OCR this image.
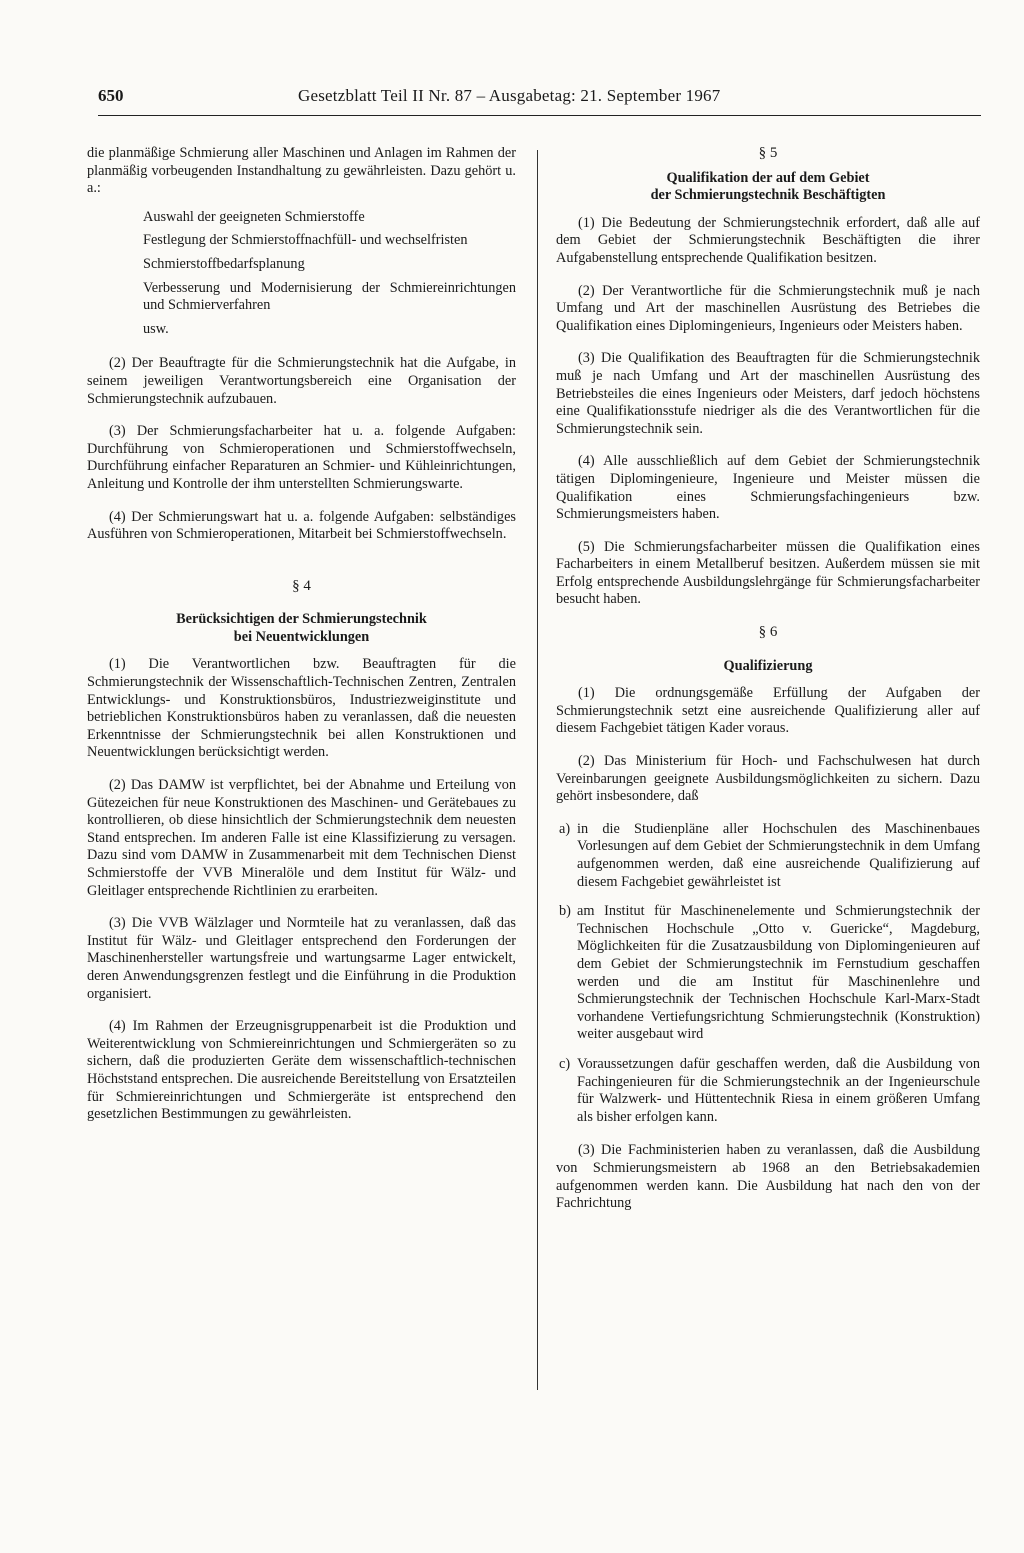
650	Gesetzblatt Teil II Nr. 87 – Ausgabetag: 21. September 1967

die planmäßige Schmierung aller Maschinen und Anlagen im Rahmen der planmäßig vorbeugenden Instandhaltung zu gewährleisten. Dazu gehört u. a.:

Auswahl der geeigneten Schmierstoffe

Festlegung der Schmierstoffnachfüll- und wechselfristen

Schmierstoffbedarfsplanung

Verbesserung und Modernisierung der Schmiereinrichtungen und Schmierverfahren

usw.

(2) Der Beauftragte für die Schmierungstechnik hat die Aufgabe, in seinem jeweiligen Verantwortungsbereich eine Organisation der Schmierungstechnik aufzubauen.

(3) Der Schmierungsfacharbeiter hat u. a. folgende Aufgaben: Durchführung von Schmieroperationen und Schmierstoffwechseln, Durchführung einfacher Reparaturen an Schmier- und Kühleinrichtungen, Anleitung und Kontrolle der ihm unterstellten Schmierungswarte.

(4) Der Schmierungswart hat u. a. folgende Aufgaben: selbständiges Ausführen von Schmieroperationen, Mitarbeit bei Schmierstoffwechseln.

§ 4

Berücksichtigen der Schmierungstechnik
bei Neuentwicklungen

(1) Die Verantwortlichen bzw. Beauftragten für die Schmierungstechnik der Wissenschaftlich-Technischen Zentren, Zentralen Entwicklungs- und Konstruktionsbüros, Industriezweiginstitute und betrieblichen Konstruktionsbüros haben zu veranlassen, daß die neuesten Erkenntnisse der Schmierungstechnik bei allen Konstruktionen und Neuentwicklungen berücksichtigt werden.

(2) Das DAMW ist verpflichtet, bei der Abnahme und Erteilung von Gütezeichen für neue Konstruktionen des Maschinen- und Gerätebaues zu kontrollieren, ob diese hinsichtlich der Schmierungstechnik dem neuesten Stand entsprechen. Im anderen Falle ist eine Klassifizierung zu versagen. Dazu sind vom DAMW in Zusammenarbeit mit dem Technischen Dienst Schmierstoffe der VVB Mineralöle und dem Institut für Wälz- und Gleitlager entsprechende Richtlinien zu erarbeiten.

(3) Die VVB Wälzlager und Normteile hat zu veranlassen, daß das Institut für Wälz- und Gleitlager entsprechend den Forderungen der Maschinenhersteller wartungsfreie und wartungsarme Lager entwickelt, deren Anwendungsgrenzen festlegt und die Einführung in die Produktion organisiert.

(4) Im Rahmen der Erzeugnisgruppenarbeit ist die Produktion und Weiterentwicklung von Schmiereinrichtungen und Schmiergeräten so zu sichern, daß die produzierten Geräte dem wissenschaftlich-technischen Höchststand entsprechen. Die ausreichende Bereitstellung von Ersatzteilen für Schmiereinrichtungen und Schmiergeräte ist entsprechend den gesetzlichen Bestimmungen zu gewährleisten.

§ 5

Qualifikation der auf dem Gebiet
der Schmierungstechnik Beschäftigten

(1) Die Bedeutung der Schmierungstechnik erfordert, daß alle auf dem Gebiet der Schmierungstechnik Beschäftigten die ihrer Aufgabenstellung entsprechende Qualifikation besitzen.

(2) Der Verantwortliche für die Schmierungstechnik muß je nach Umfang und Art der maschinellen Ausrüstung des Betriebes die Qualifikation eines Diplomingenieurs, Ingenieurs oder Meisters haben.

(3) Die Qualifikation des Beauftragten für die Schmierungstechnik muß je nach Umfang und Art der maschinellen Ausrüstung des Betriebsteiles die eines Ingenieurs oder Meisters, darf jedoch höchstens eine Qualifikationsstufe niedriger als die des Verantwortlichen für die Schmierungstechnik sein.

(4) Alle ausschließlich auf dem Gebiet der Schmierungstechnik tätigen Diplomingenieure, Ingenieure und Meister müssen die Qualifikation eines Schmierungsfachingenieurs bzw. Schmierungsmeisters haben.

(5) Die Schmierungsfacharbeiter müssen die Qualifikation eines Facharbeiters in einem Metallberuf besitzen. Außerdem müssen sie mit Erfolg entsprechende Ausbildungslehrgänge für Schmierungsfacharbeiter besucht haben.

§ 6

Qualifizierung

(1) Die ordnungsgemäße Erfüllung der Aufgaben der Schmierungstechnik setzt eine ausreichende Qualifizierung aller auf diesem Fachgebiet tätigen Kader voraus.

(2) Das Ministerium für Hoch- und Fachschulwesen hat durch Vereinbarungen geeignete Ausbildungsmöglichkeiten zu sichern. Dazu gehört insbesondere, daß

a) in die Studienpläne aller Hochschulen des Maschinenbaues Vorlesungen auf dem Gebiet der Schmierungstechnik in dem Umfang aufgenommen werden, daß eine ausreichende Qualifizierung auf diesem Fachgebiet gewährleistet ist

b) am Institut für Maschinenelemente und Schmierungstechnik der Technischen Hochschule „Otto v. Guericke“, Magdeburg, Möglichkeiten für die Zusatzausbildung von Diplomingenieuren auf dem Gebiet der Schmierungstechnik im Fernstudium geschaffen werden und die am Institut für Maschinenlehre und Schmierungstechnik der Technischen Hochschule Karl-Marx-Stadt vorhandene Vertiefungsrichtung Schmierungstechnik (Konstruktion) weiter ausgebaut wird

c) Voraussetzungen dafür geschaffen werden, daß die Ausbildung von Fachingenieuren für die Schmierungstechnik an der Ingenieurschule für Walzwerk- und Hüttentechnik Riesa in einem größeren Umfang als bisher erfolgen kann.

(3) Die Fachministerien haben zu veranlassen, daß die Ausbildung von Schmierungsmeistern ab 1968 an den Betriebsakademien aufgenommen werden kann. Die Ausbildung hat nach den von der Fachrichtung
